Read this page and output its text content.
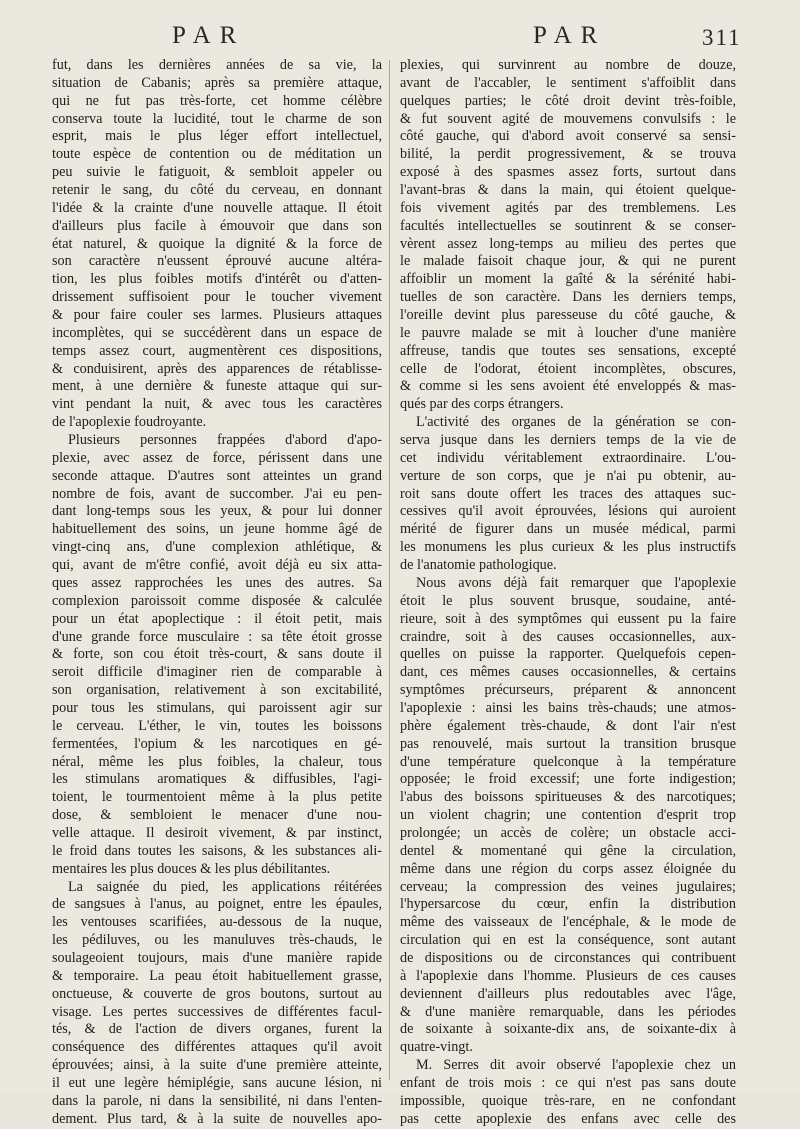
PAR	PAR	311
fut, dans les dernières années de sa vie, la
situation de Cabanis; après sa première attaque,
qui ne fut pas très-forte, cet homme célèbre
conserva toute la lucidité, tout le charme de son
esprit, mais le plus léger effort intellectuel,
toute espèce de contention ou de méditation un
peu suivie le fatiguoit, & sembloit appeler ou
retenir le sang, du côté du cerveau, en donnant
l'idée & la crainte d'une nouvelle attaque. Il étoit
d'ailleurs plus facile à émouvoir que dans son
état naturel, & quoique la dignité & la force de
son caractère n'eussent éprouvé aucune altéra-
tion, les plus foibles motifs d'intérêt ou d'atten-
drissement suffisoient pour le toucher vivement
& pour faire couler ses larmes. Plusieurs attaques
incomplètes, qui se succédèrent dans un espace de
temps assez court, augmentèrent ces dispositions,
& conduisirent, après des apparences de rétablisse-
ment, à une dernière & funeste attaque qui sur-
vint pendant la nuit, & avec tous les caractères
de l'apoplexie foudroyante.
Plusieurs personnes frappées d'abord d'apo-
plexie, avec assez de force, périssent dans une
seconde attaque. D'autres sont atteintes un grand
nombre de fois, avant de succomber. J'ai eu pen-
dant long-temps sous les yeux, & pour lui donner
habituellement des soins, un jeune homme âgé de
vingt-cinq ans, d'une complexion athlétique, &
qui, avant de m'être confié, avoit déjà eu six atta-
ques assez rapprochées les unes des autres. Sa
complexion paroissoit comme disposée & calculée
pour un état apoplectique : il étoit petit, mais
d'une grande force musculaire : sa tête étoit grosse
& forte, son cou étoit très-court, & sans doute il
seroit difficile d'imaginer rien de comparable à
son organisation, relativement à son excitabilité,
pour tous les stimulans, qui paroissent agir sur
le cerveau. L'éther, le vin, toutes les boissons
fermentées, l'opium & les narcotiques en gé-
néral, même les plus foibles, la chaleur, tous
les stimulans aromatiques & diffusibles, l'agi-
toient, le tourmentoient même à la plus petite
dose, & sembloient le menacer d'une nou-
velle attaque. Il desiroit vivement, & par instinct,
le froid dans toutes les saisons, & les substances ali-
mentaires les plus douces & les plus débilitantes.
La saignée du pied, les applications réitérées
de sangsues à l'anus, au poignet, entre les épaules,
les ventouses scarifiées, au-dessous de la nuque,
les pédiluves, ou les manuluves très-chauds, le
soulageoient toujours, mais d'une manière rapide
& temporaire. La peau étoit habituellement grasse,
onctueuse, & couverte de gros boutons, surtout au
visage. Les pertes successives de différentes facul-
tés, & de l'action de divers organes, furent la
conséquence des différentes attaques qu'il avoit
éprouvées; ainsi, à la suite d'une première atteinte,
il eut une legère hémiplégie, sans aucune lésion, ni
dans la parole, ni dans la sensibilité, ni dans l'enten-
dement. Plus tard, & à la suite de nouvelles apo-
plexies, qui survinrent au nombre de douze,
avant de l'accabler, le sentiment s'affoiblit dans
quelques parties; le côté droit devint très-foible,
& fut souvent agité de mouvemens convulsifs : le
côté gauche, qui d'abord avoit conservé sa sensi-
bilité, la perdit progressivement, & se trouva
exposé à des spasmes assez forts, surtout dans
l'avant-bras & dans la main, qui étoient quelque-
fois vivement agités par des tremblemens. Les
facultés intellectuelles se soutinrent & se conser-
vèrent assez long-temps au milieu des pertes que
le malade faisoit chaque jour, & qui ne purent
affoiblir un moment la gaîté & la sérénité habi-
tuelles de son caractère. Dans les derniers temps,
l'oreille devint plus paresseuse du côté gauche, &
le pauvre malade se mit à loucher d'une manière
affreuse, tandis que toutes ses sensations, excepté
celle de l'odorat, étoient incomplètes, obscures,
& comme si les sens avoient été enveloppés & mas-
qués par des corps étrangers.
L'activité des organes de la génération se con-
serva jusque dans les derniers temps de la vie de
cet individu véritablement extraordinaire. L'ou-
verture de son corps, que je n'ai pu obtenir, au-
roit sans doute offert les traces des attaques suc-
cessives qu'il avoit éprouvées, lésions qui auroient
mérité de figurer dans un musée médical, parmi
les monumens les plus curieux & les plus instructifs
de l'anatomie pathologique.
Nous avons déjà fait remarquer que l'apoplexie
étoit le plus souvent brusque, soudaine, anté-
rieure, soit à des symptômes qui eussent pu la faire
craindre, soit à des causes occasionnelles, aux-
quelles on puisse la rapporter. Quelquefois cepen-
dant, ces mêmes causes occasionnelles, & certains
symptômes précurseurs, préparent & annoncent
l'apoplexie : ainsi les bains très-chauds; une atmos-
phère également très-chaude, & dont l'air n'est
pas renouvelé, mais surtout la transition brusque
d'une température quelconque à la température
opposée; le froid excessif; une forte indigestion;
l'abus des boissons spiritueuses & des narcotiques;
un violent chagrin; une contention d'esprit trop
prolongée; un accès de colère; un obstacle acci-
dentel & momentané qui gêne la circulation,
même dans une région du corps assez éloignée du
cerveau; la compression des veines jugulaires;
l'hypersarcose du cœur, enfin la distribution
même des vaisseaux de l'encéphale, & le mode de
circulation qui en est la conséquence, sont autant
de dispositions ou de circonstances qui contribuent
à l'apoplexie dans l'homme. Plusieurs de ces causes
deviennent d'ailleurs plus redoutables avec l'âge,
& d'une manière remarquable, dans les périodes
de soixante à soixante-dix ans, de soixante-dix à
quatre-vingt.
M. Serres dit avoir observé l'apoplexie chez un
enfant de trois mois : ce qui n'est pas sans doute
impossible, quoique très-rare, en ne confondant
pas cette apoplexie des enfans avec celle des
